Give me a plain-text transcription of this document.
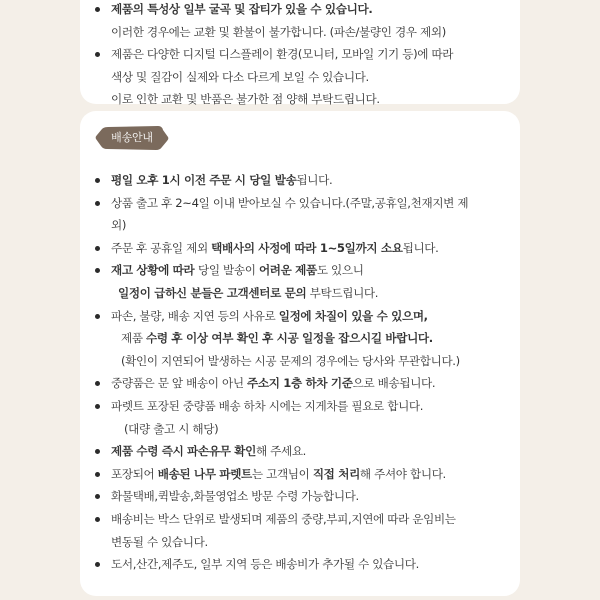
제품의 특성상 일부 굴곡 및 잡티가 있을 수 있습니다.
이러한 경우에는 교환 및 환불이 불가합니다. (파손/불량인 경우 제외)
제품은 다양한 디지털 디스플레이 환경(모니터, 모바일 기기 등)에 따라
색상 및 질감이 실제와 다소 다르게 보일 수 있습니다.
이로 인한 교환 및 반품은 불가한 점 양해 부탁드립니다.
배송안내
평일 오후 1시 이전 주문 시 당일 발송됩니다.
상품 출고 후 2~4일 이내 받아보실 수 있습니다.(주말,공휴일,천재지변 제
외)
주문 후 공휴일 제외 택배사의 사정에 따라 1~5일까지 소요됩니다.
재고 상황에 따라 당일 발송이 어려운 제품도 있으니
일정이 급하신 분들은 고객센터로 문의 부탁드립니다.
파손, 불량, 배송 지연 등의 사유로 일정에 차질이 있을 수 있으며,
제품 수령 후 이상 여부 확인 후 시공 일정을 잡으시길 바랍니다.
(확인이 지연되어 발생하는 시공 문제의 경우에는 당사와 무관합니다.)
중량품은 문 앞 배송이 아닌 주소지 1층 하차 기준으로 배송됩니다.
파렛트 포장된 중량품 배송 하차 시에는 지게차를 필요로 합니다.
(대량 출고 시 해당)
제품 수령 즉시 파손유무 확인해 주세요.
포장되어 배송된 나무 파렛트는 고객님이 직접 처리해 주셔야 합니다.
화물택배,퀵발송,화물영업소 방문 수령 가능합니다.
배송비는 박스 단위로 발생되며 제품의 중량,부피,지연에 따라 운임비는
변동될 수 있습니다.
도서,산간,제주도, 일부 지역 등은 배송비가 추가될 수 있습니다.
